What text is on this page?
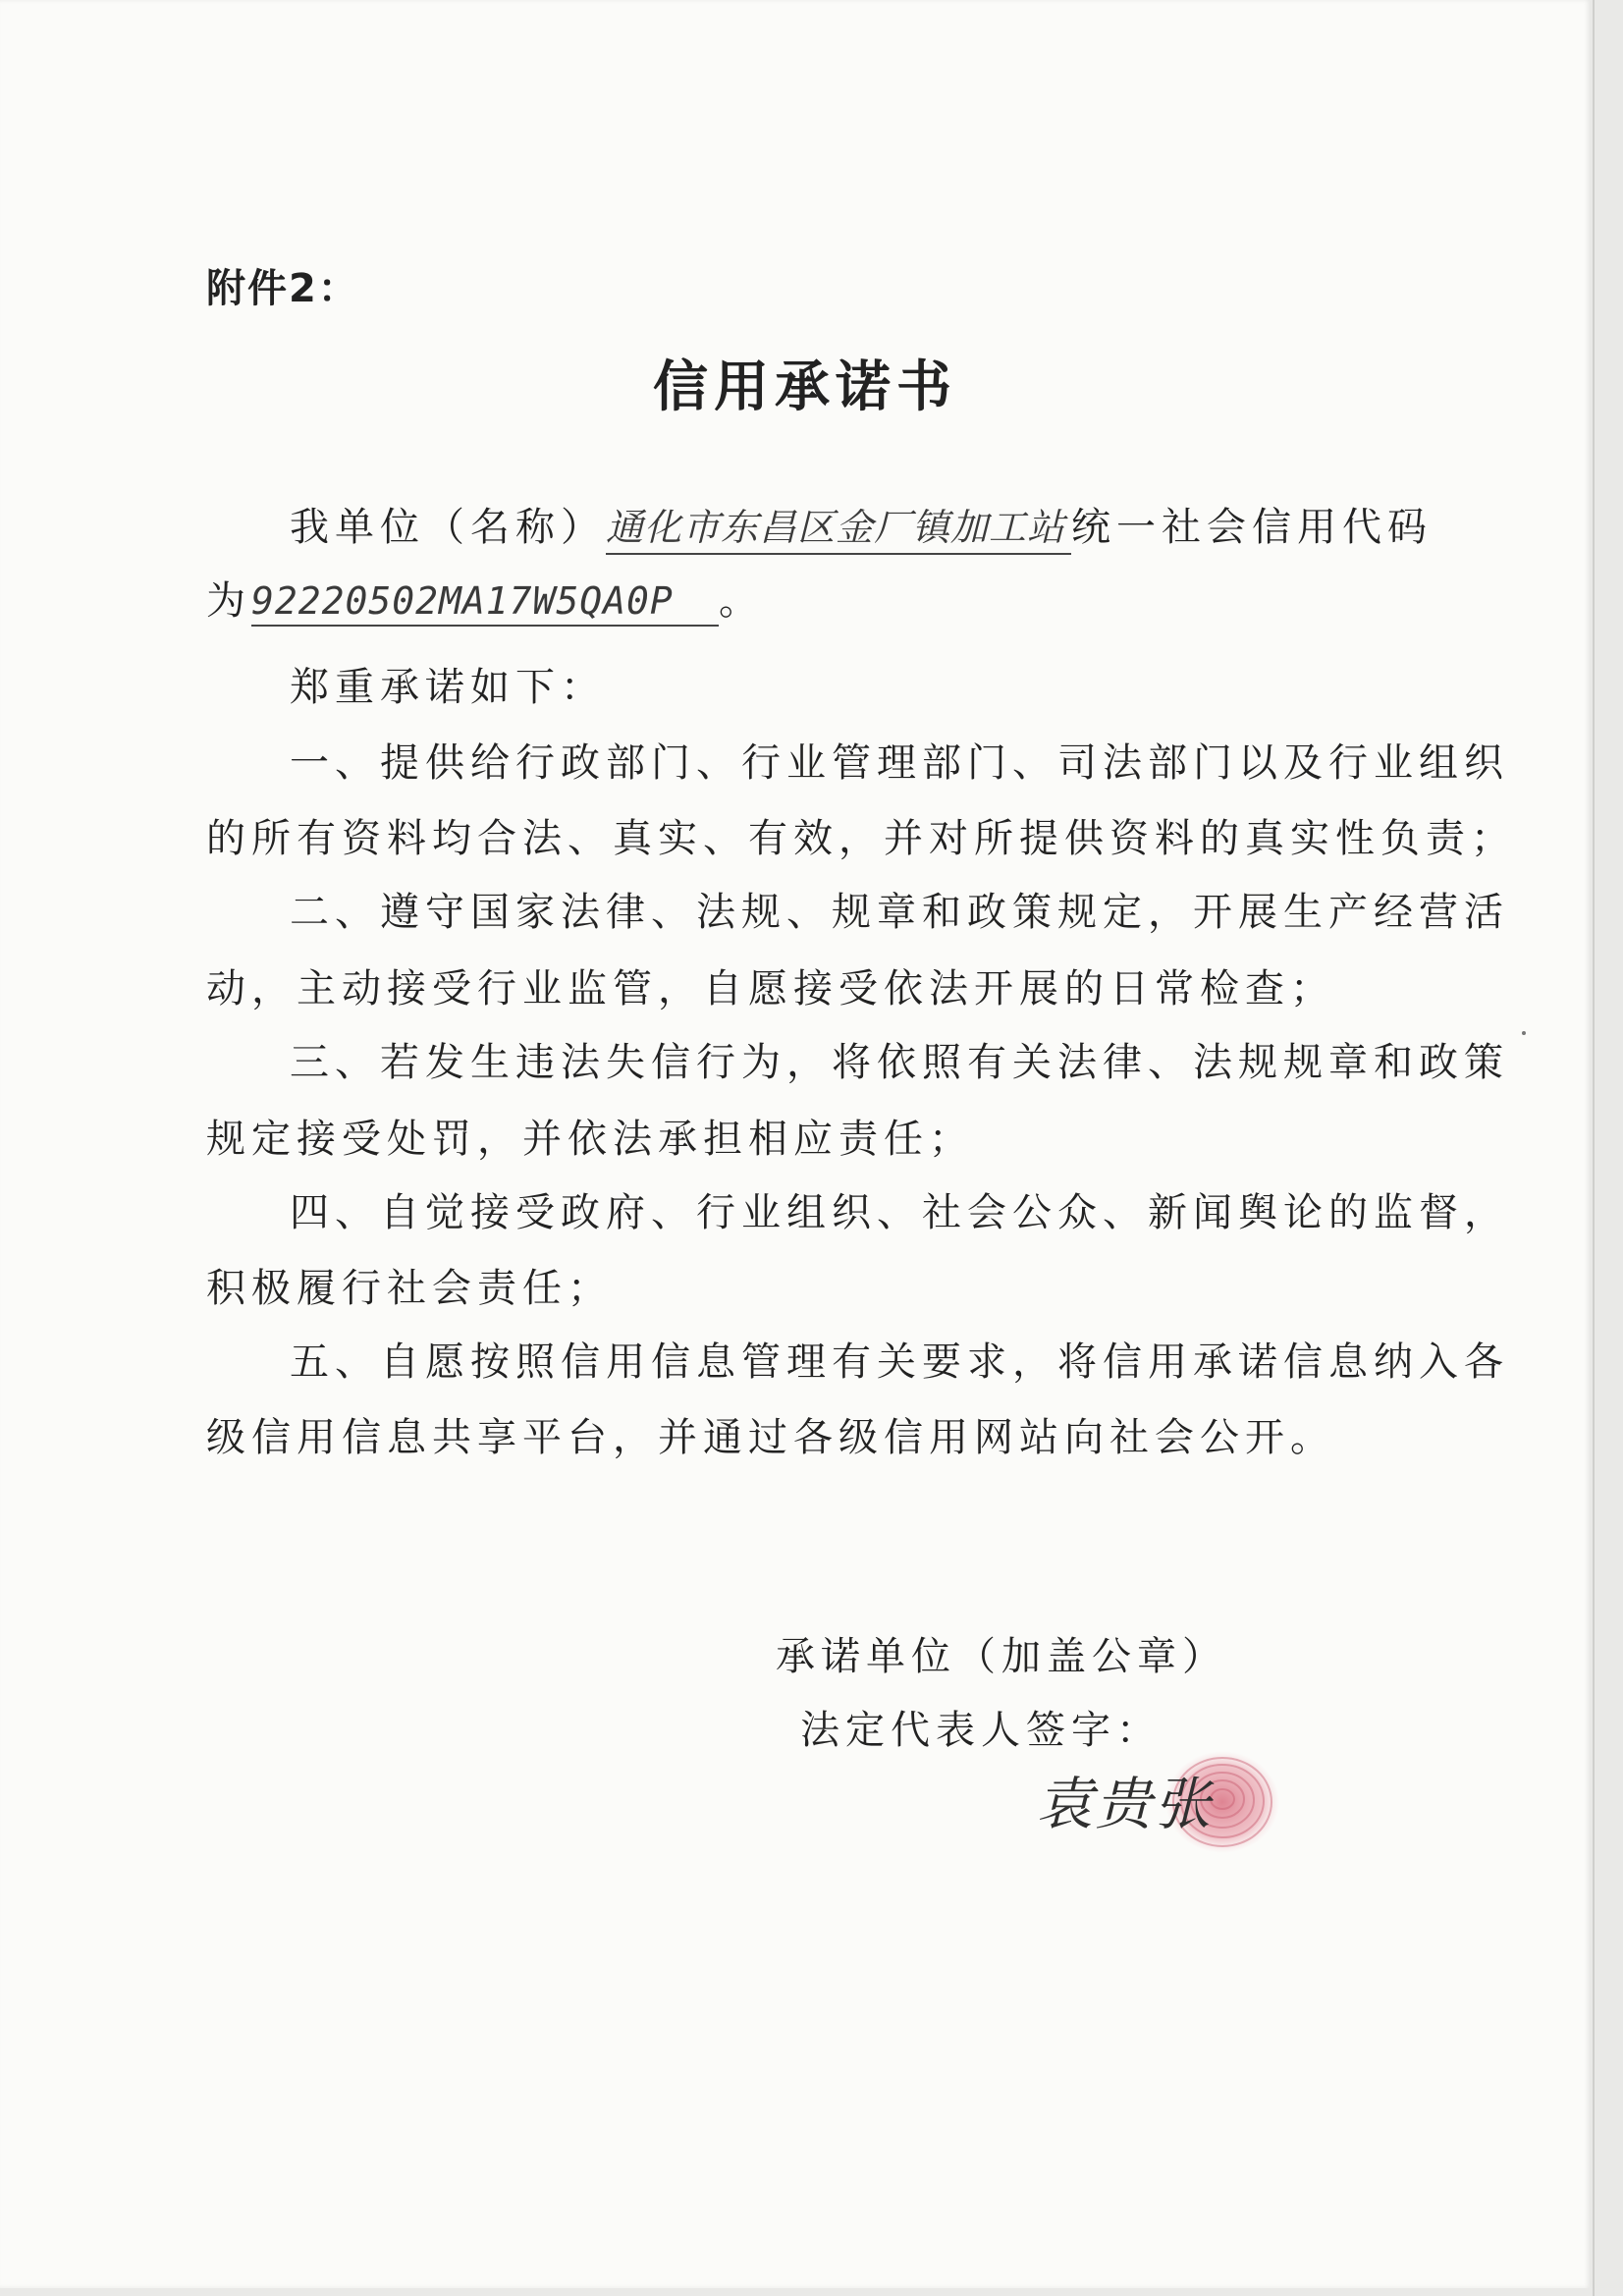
附件2：
信用承诺书
我单位（名称）通化市东昌区金厂镇加工站 统一社会信用代码
为92220502MA17W5QA0P 。
郑重承诺如下：
一、提供给行政部门、行业管理部门、司法部门以及行业组织
的所有资料均合法、真实、有效，并对所提供资料的真实性负责；
二、遵守国家法律、法规、规章和政策规定，开展生产经营活
动，主动接受行业监管，自愿接受依法开展的日常检查；
三、若发生违法失信行为，将依照有关法律、法规规章和政策
规定接受处罚，并依法承担相应责任；
四、自觉接受政府、行业组织、社会公众、新闻舆论的监督，
积极履行社会责任；
五、自愿按照信用信息管理有关要求，将信用承诺信息纳入各
级信用信息共享平台，并通过各级信用网站向社会公开。
承诺单位（加盖公章）
法定代表人签字：
袁贵张
